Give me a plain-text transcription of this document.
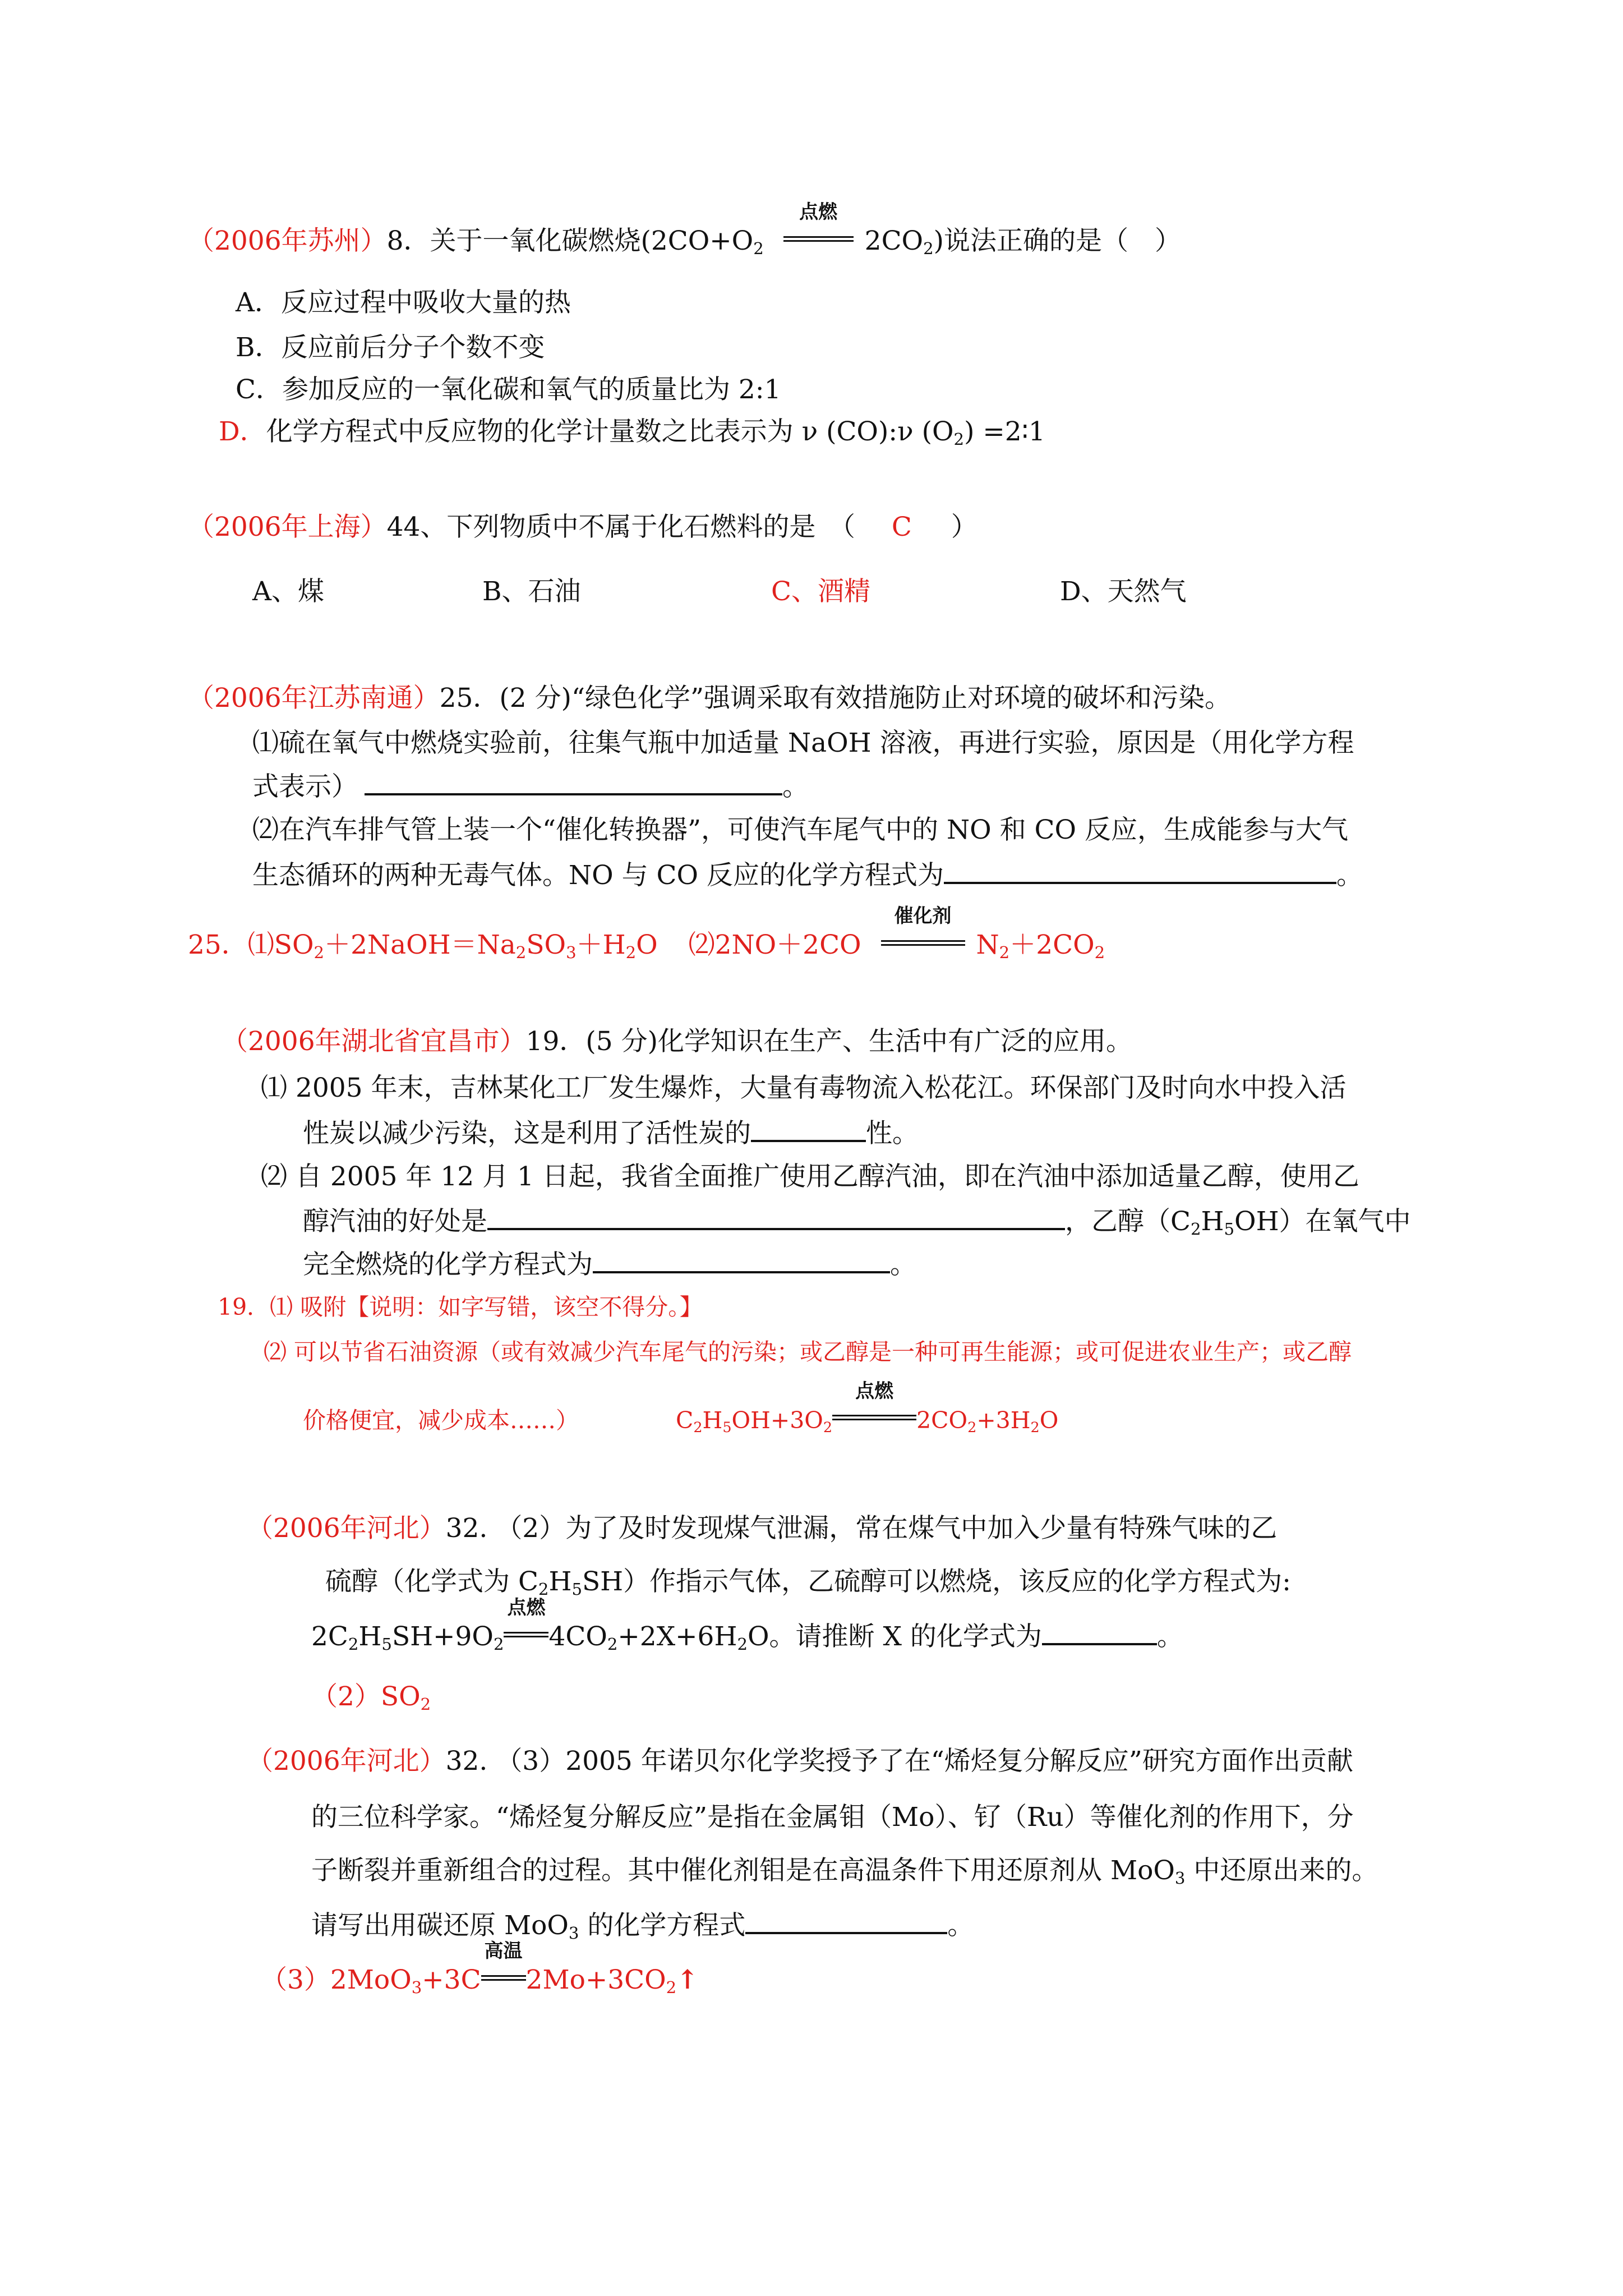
（2006年苏州）8．关于一氧化碳燃烧($2CO+O_2$
点燃
$2CO_2$)说法正确的是（　）
A．反应过程中吸收大量的热
B．反应前后分子个数不变
C．参加反应的一氧化碳和氧气的质量比为 2:1
D．化学方程式中反应物的化学计量数之比表示为 ν (CO):ν $(O_2)$ =2∶1
（2006年上海）44、下列物质中不属于化石燃料的是　（ C ）
A、煤	B、石油	C、酒精	D、天然气
（2006年江苏南通）25．(2 分)“绿色化学”强调采取有效措施防止对环境的破坏和污染。
⑴硫在氧气中燃烧实验前，往集气瓶中加适量 NaOH 溶液，再进行实验，原因是（用化学方程
式表示）	。
⑵在汽车排气管上装一个“催化转换器”，可使汽车尾气中的 NO 和 CO 反应，生成能参与大气
生态循环的两种无毒气体。NO 与 CO 反应的化学方程式为	。
25．$⑴SO_2+2NaOH=Na_2SO_3+H_2O$ ⑵2NO＋2CO
催化剂
$N_2+2CO_2$
（2006年湖北省宜昌市）19．(5 分)化学知识在生产、生活中有广泛的应用。
⑴ 2005 年末，吉林某化工厂发生爆炸，大量有毒物流入松花江。环保部门及时向水中投入活
性炭以减少污染，这是利用了活性炭的	性。
⑵ 自 2005 年 12 月 1 日起，我省全面推广使用乙醇汽油，即在汽油中添加适量乙醇，使用乙
醇汽油的好处是	，乙醇$(C_2H_5OH)$在氧气中
完全燃烧的化学方程式为	。
19．⑴ 吸附【说明：如字写错，该空不得分。】
⑵ 可以节省石油资源（或有效减少汽车尾气的污染；或乙醇是一种可再生能源；或可促进农业生产；或乙醇
价格便宜，减少成本……）	$C_2H_5OH+3O_2$
点燃
$2CO_2+3H_2O$
（2006年河北）32. （2）为了及时发现煤气泄漏，常在煤气中加入少量有特殊气味的乙
硫醇（化学式为 $C_2H_5SH$）作指示气体，乙硫醇可以燃烧，该反应的化学方程式为:
$2C_2H_5SH+9O_2$
点燃
$4CO_2+2X+6H_2O$。请推断 X 的化学式为	。
$(2)SO_2$
（2006年河北）32. （3）2005 年诺贝尔化学奖授予了在“烯烃复分解反应”研究方面作出贡献
的三位科学家。“烯烃复分解反应”是指在金属钼（Mo）、钌（Ru）等催化剂的作用下，分
子断裂并重新组合的过程。其中催化剂钼是在高温条件下用还原剂从 MoO$_3$ 中还原出来的。
请写出用碳还原 MoO$_3$ 的化学方程式	。
（3）2MoO$_3$+3C
高温
$2Mo+3CO_2↑$
